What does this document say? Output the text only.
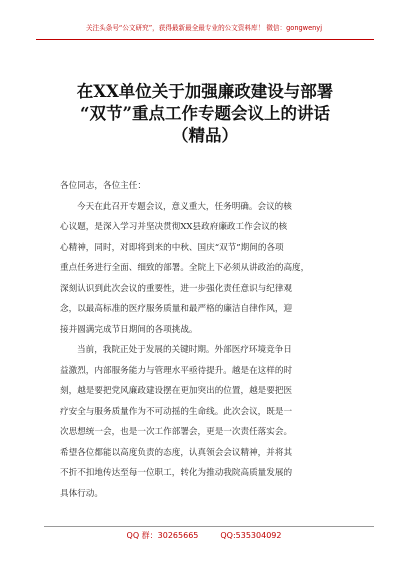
关注头条号“公文研究”，获得最新最全最专业的公文资料库！ 微信：gongwenyj
在XX单位关于加强廉政建设与部署
“双节”重点工作专题会议上的讲话
（精品）
各位同志，各位主任：
今天在此召开专题会议，意义重大，任务明确。会议的核
心议题，是深入学习并坚决贯彻XX县政府廉政工作会议的核
心精神，同时，对即将到来的中秋、国庆“双节”期间的各项
重点任务进行全面、细致的部署。全院上下必须从讲政治的高度，
深刻认识到此次会议的重要性，进一步强化责任意识与纪律观
念，以最高标准的医疗服务质量和最严格的廉洁自律作风，迎
接并圆满完成节日期间的各项挑战。
当前，我院正处于发展的关键时期。外部医疗环境竞争日
益激烈，内部服务能力与管理水平亟待提升。越是在这样的时
刻，越是要把党风廉政建设摆在更加突出的位置，越是要把医
疗安全与服务质量作为不可动摇的生命线。此次会议，既是一
次思想统一会，也是一次工作部署会，更是一次责任落实会。
希望各位都能以高度负责的态度，认真领会会议精神，并将其
不折不扣地传达至每一位职工，转化为推动我院高质量发展的
具体行动。
QQ 群：30265665	QQ:535304092
